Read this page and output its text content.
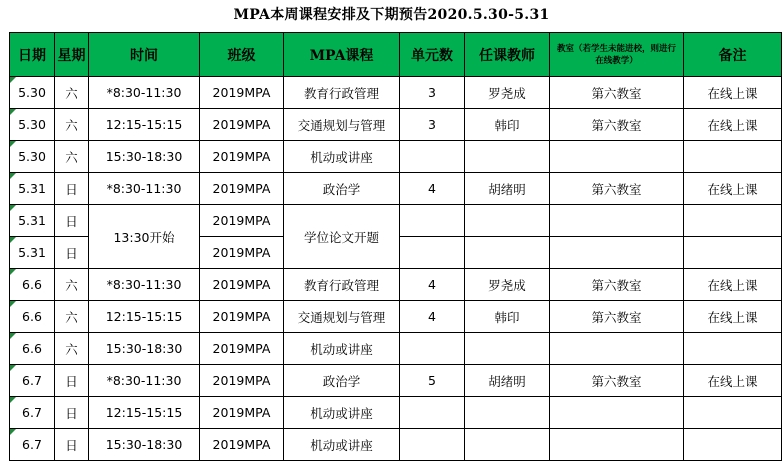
MPA本周课程安排及下期预告2020.5.30-5.31
日期	星期	时间	班级	MPA课程	单元数	任课教师	教室（若学生未能进校，则进行在线教学）	备注
5.30	六	*8:30-11:30	2019MPA	教育行政管理	3	罗尧成	第六教室	在线上课
5.30	六	12:15-15:15	2019MPA	交通规划与管理	3	韩印	第六教室	在线上课
5.30	六	15:30-18:30	2019MPA	机动或讲座				
5.31	日	*8:30-11:30	2019MPA	政治学	4	胡绪明	第六教室	在线上课
5.31	日	13:30开始	2019MPA	学位论文开题				
5.31	日		2019MPA					
6.6	六	*8:30-11:30	2019MPA	教育行政管理	4	罗尧成	第六教室	在线上课
6.6	六	12:15-15:15	2019MPA	交通规划与管理	4	韩印	第六教室	在线上课
6.6	六	15:30-18:30	2019MPA	机动或讲座				
6.7	日	*8:30-11:30	2019MPA	政治学	5	胡绪明	第六教室	在线上课
6.7	日	12:15-15:15	2019MPA	机动或讲座				
6.7	日	15:30-18:30	2019MPA	机动或讲座				
